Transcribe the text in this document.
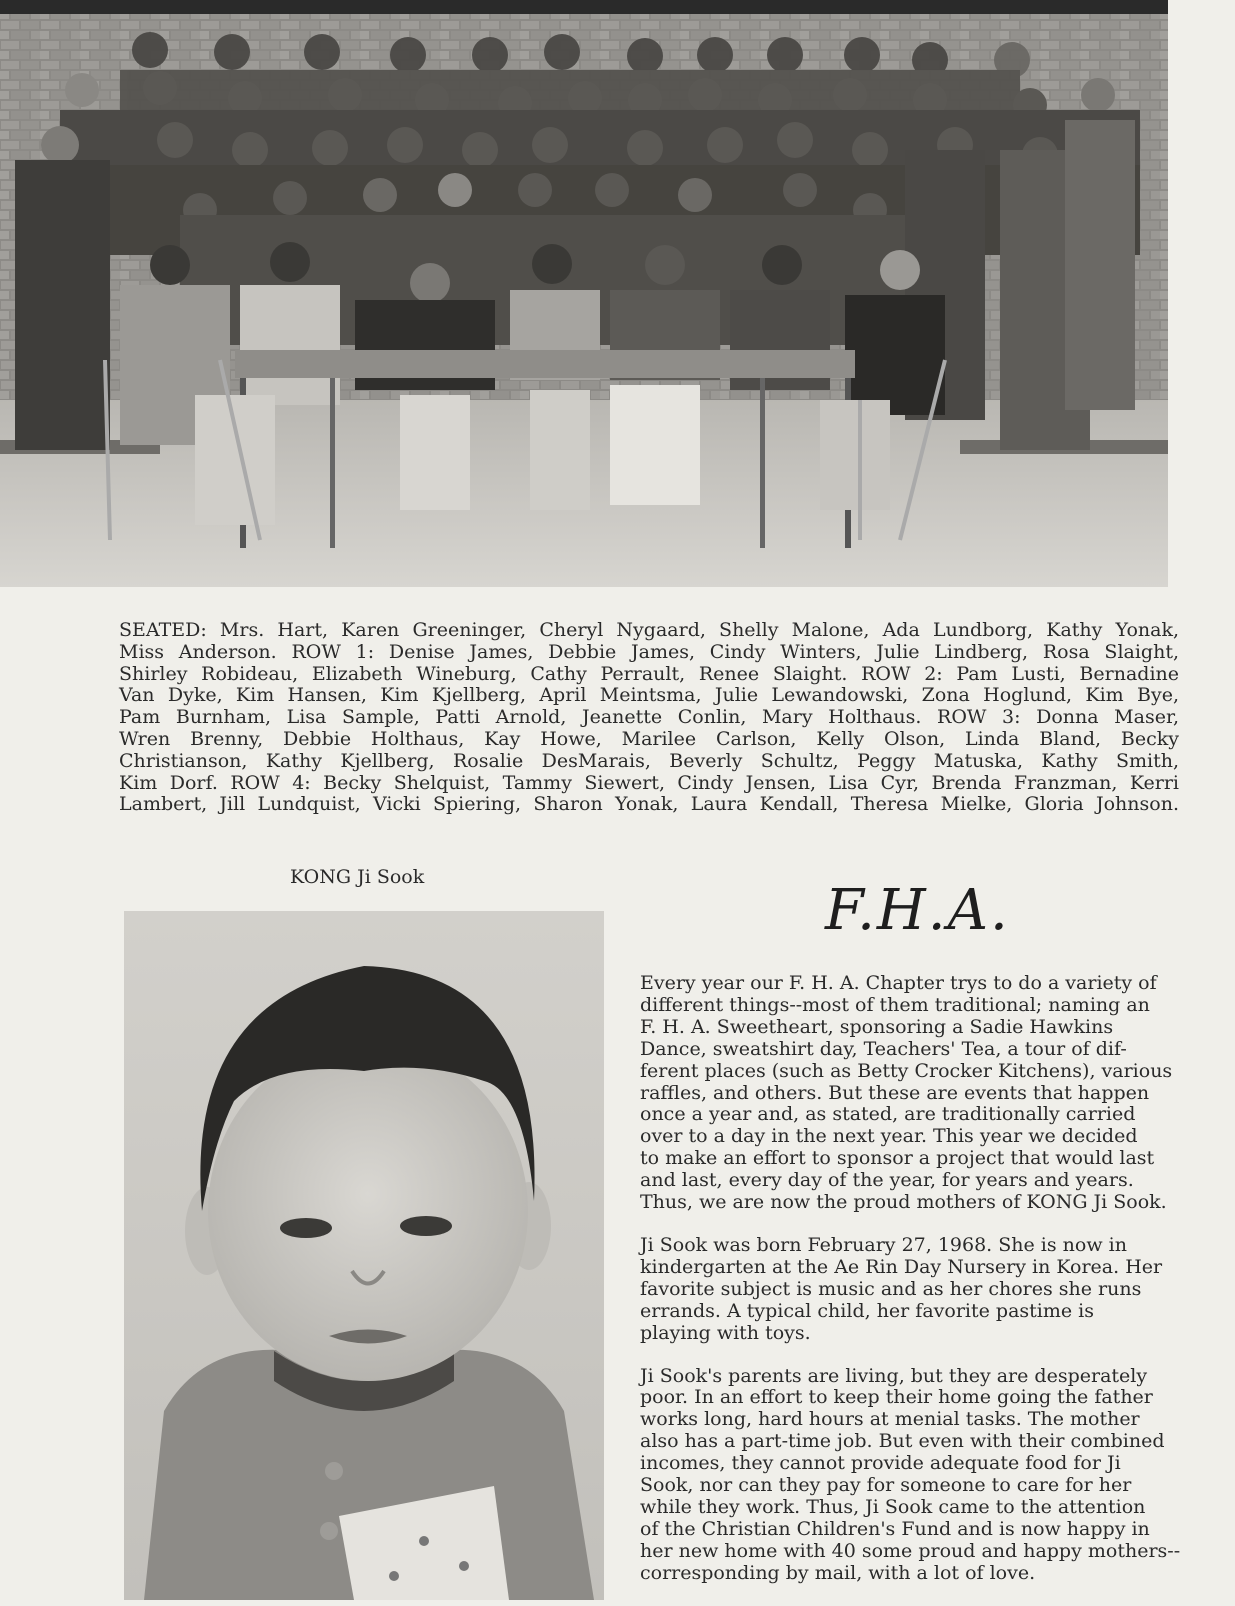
SEATED: Mrs. Hart, Karen Greeninger, Cheryl Nygaard, Shelly Malone, Ada Lundborg, Kathy Yonak,
Miss Anderson. ROW 1: Denise James, Debbie James, Cindy Winters, Julie Lindberg, Rosa Slaight,
Shirley Robideau, Elizabeth Wineburg, Cathy Perrault, Renee Slaight. ROW 2: Pam Lusti, Bernadine
Van Dyke, Kim Hansen, Kim Kjellberg, April Meintsma, Julie Lewandowski, Zona Hoglund, Kim Bye,
Pam Burnham, Lisa Sample, Patti Arnold, Jeanette Conlin, Mary Holthaus. ROW 3: Donna Maser,
Wren Brenny, Debbie Holthaus, Kay Howe, Marilee Carlson, Kelly Olson, Linda Bland, Becky
Christianson, Kathy Kjellberg, Rosalie DesMarais, Beverly Schultz, Peggy Matuska, Kathy Smith,
Kim Dorf. ROW 4: Becky Shelquist, Tammy Siewert, Cindy Jensen, Lisa Cyr, Brenda Franzman, Kerri
Lambert, Jill Lundquist, Vicki Spiering, Sharon Yonak, Laura Kendall, Theresa Mielke, Gloria Johnson.
KONG Ji Sook
F.H.A.

Every year our F. H. A. Chapter trys to do a variety of
different things--most of them traditional; naming an
F. H. A. Sweetheart, sponsoring a Sadie Hawkins
Dance, sweatshirt day, Teachers' Tea, a tour of dif-
ferent places (such as Betty Crocker Kitchens), various
raffles, and others. But these are events that happen
once a year and, as stated, are traditionally carried
over to a day in the next year. This year we decided
to make an effort to sponsor a project that would last
and last, every day of the year, for years and years.
Thus, we are now the proud mothers of KONG Ji Sook.

Ji Sook was born February 27, 1968. She is now in
kindergarten at the Ae Rin Day Nursery in Korea. Her
favorite subject is music and as her chores she runs
errands. A typical child, her favorite pastime is
playing with toys.

Ji Sook's parents are living, but they are desperately
poor. In an effort to keep their home going the father
works long, hard hours at menial tasks. The mother
also has a part-time job. But even with their combined
incomes, they cannot provide adequate food for Ji
Sook, nor can they pay for someone to care for her
while they work. Thus, Ji Sook came to the attention
of the Christian Children's Fund and is now happy in
her new home with 40 some proud and happy mothers--
corresponding by mail, with a lot of love.
